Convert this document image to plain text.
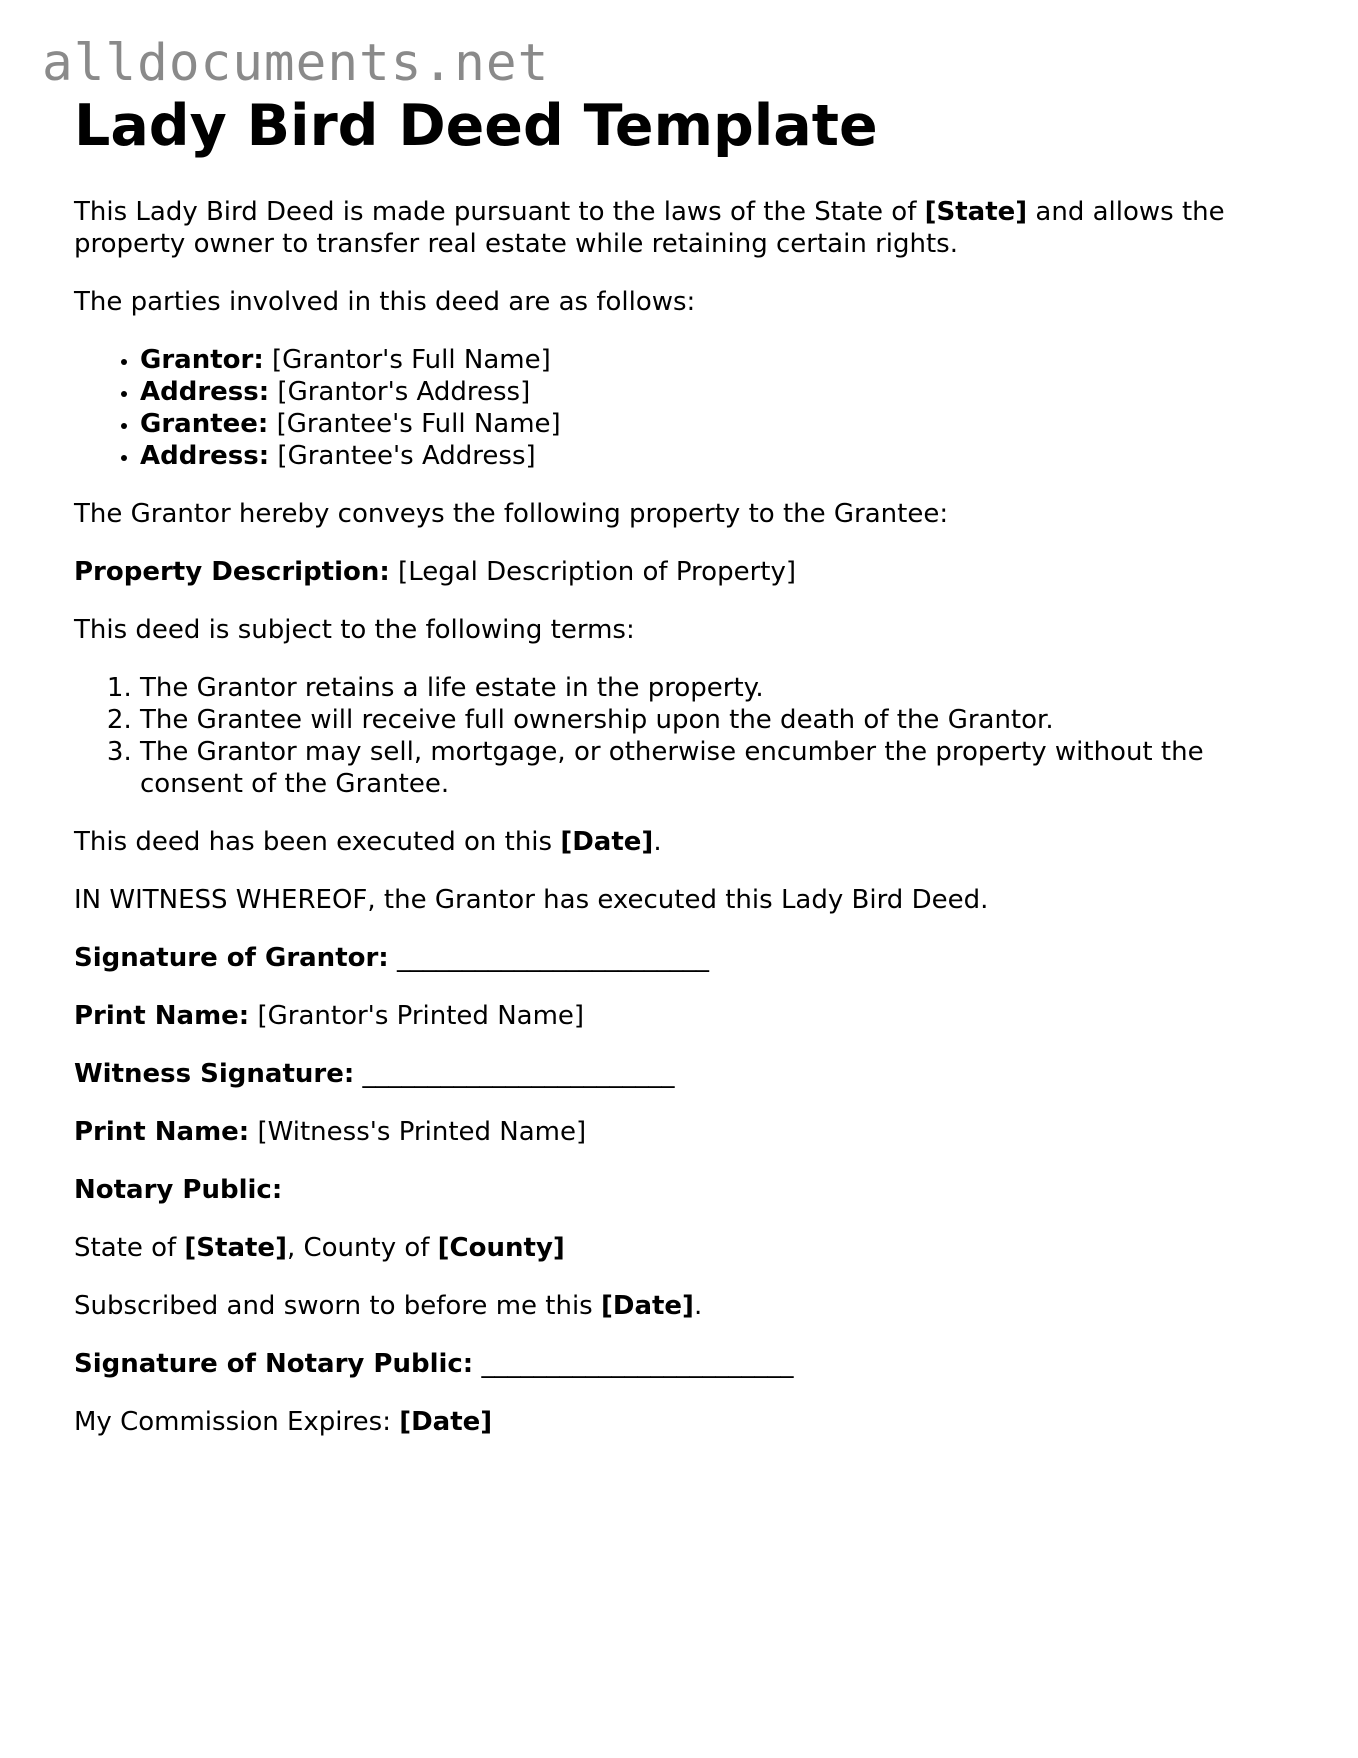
alldocuments.net
Lady Bird Deed Template

This Lady Bird Deed is made pursuant to the laws of the State of [State] and allows the property owner to transfer real estate while retaining certain rights.

The parties involved in this deed are as follows:

• Grantor: [Grantor's Full Name]
• Address: [Grantor's Address]
• Grantee: [Grantee's Full Name]
• Address: [Grantee's Address]

The Grantor hereby conveys the following property to the Grantee:

Property Description: [Legal Description of Property]

This deed is subject to the following terms:

1. The Grantor retains a life estate in the property.
2. The Grantee will receive full ownership upon the death of the Grantor.
3. The Grantor may sell, mortgage, or otherwise encumber the property without the consent of the Grantee.

This deed has been executed on this [Date].

IN WITNESS WHEREOF, the Grantor has executed this Lady Bird Deed.

Signature of Grantor: ________________________

Print Name: [Grantor's Printed Name]

Witness Signature: ________________________

Print Name: [Witness's Printed Name]

Notary Public:

State of [State], County of [County]

Subscribed and sworn to before me this [Date].

Signature of Notary Public: ________________________

My Commission Expires: [Date]
